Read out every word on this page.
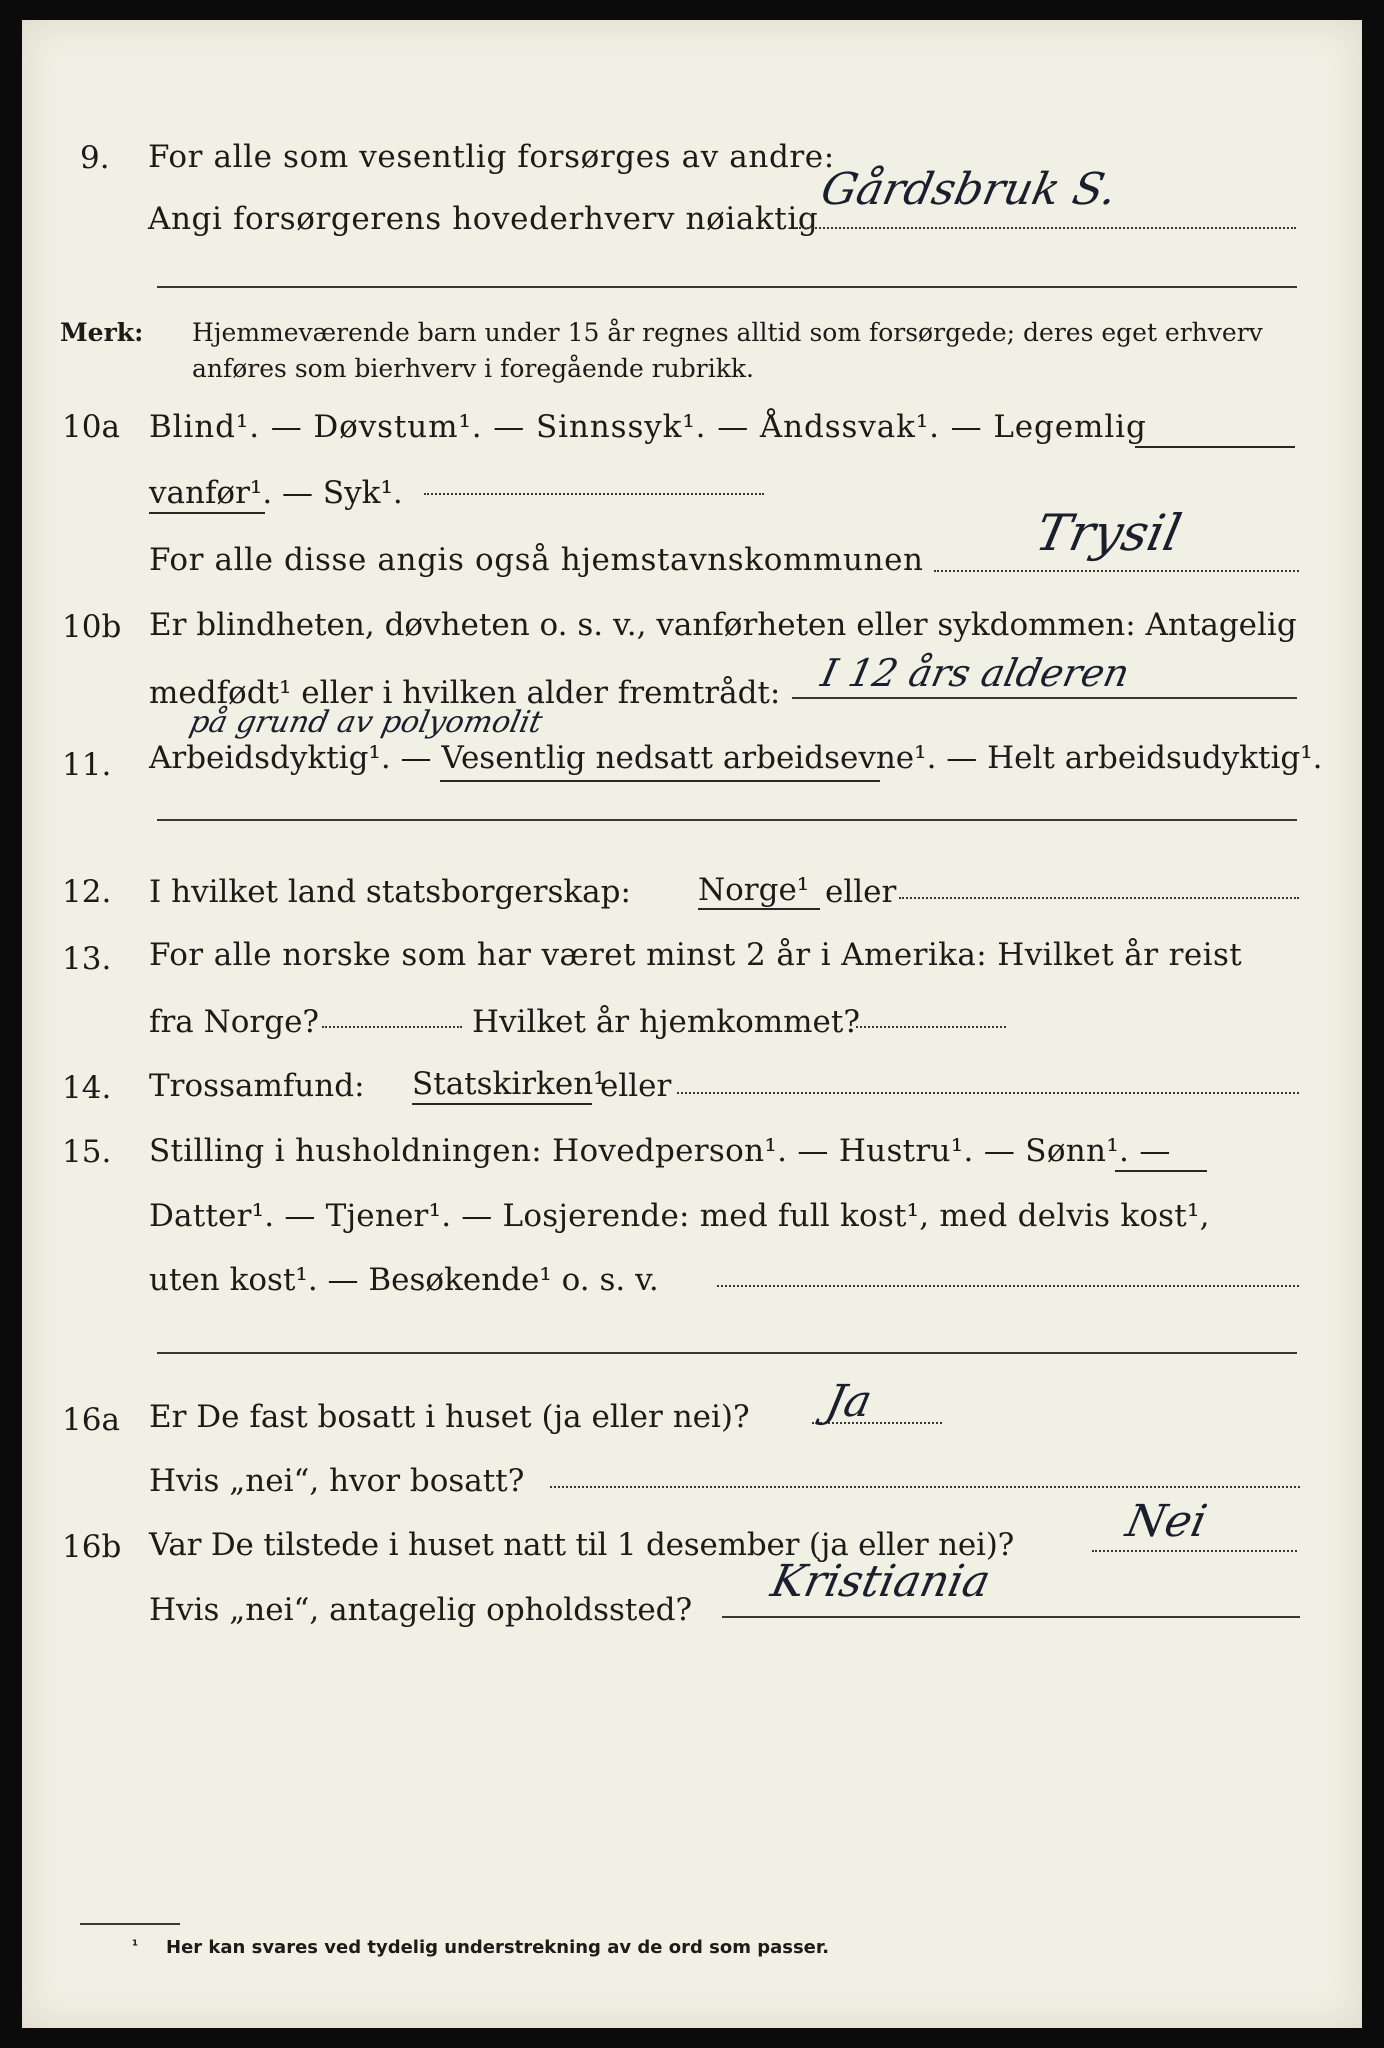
9. For alle som vesentlig forsørges av andre:
Angi forsørgerens hovederhverv nøiaktig
Gårdsbruk S.
Merk: Hjemmeværende barn under 15 år regnes alltid som forsørgede; deres eget erhverv
anføres som bierhverv i foregående rubrikk.
10a Blind¹. — Døvstum¹. — Sinnssyk¹. — Åndssvak¹. — Legemlig
vanfør¹. — Syk¹.
For alle disse angis også hjemstavnskommunen Trysil
10b Er blindheten, døvheten o. s. v., vanførheten eller sykdommen: Antagelig
medfødt¹ eller i hvilken alder fremtrådt: I 12 års alderen
på grund av polyomolit
11. Arbeidsdyktig¹. — Vesentlig nedsatt arbeidsevne¹. — Helt arbeidsudyktig¹.
12. I hvilket land statsborgerskap: Norge¹ eller
13. For alle norske som har været minst 2 år i Amerika: Hvilket år reist
fra Norge?	Hvilket år hjemkommet?
14. Trossamfund: Statskirken¹
eller
15. Stilling i husholdningen: Hovedperson¹. — Hustru¹. — Sønn¹. —
Datter¹. — Tjener¹. — Losjerende: med full kost¹, med delvis kost¹,
uten kost¹. — Besøkende¹ o. s. v.
16a Er De fast bosatt i huset (ja eller nei)? Ja
Hvis „nei“, hvor bosatt?
16b Var De tilstede i huset natt til 1 desember (ja eller nei)? Nei
Hvis „nei“, antagelig opholdssted?
Kristiania
¹ Her kan svares ved tydelig understrekning av de ord som passer.
